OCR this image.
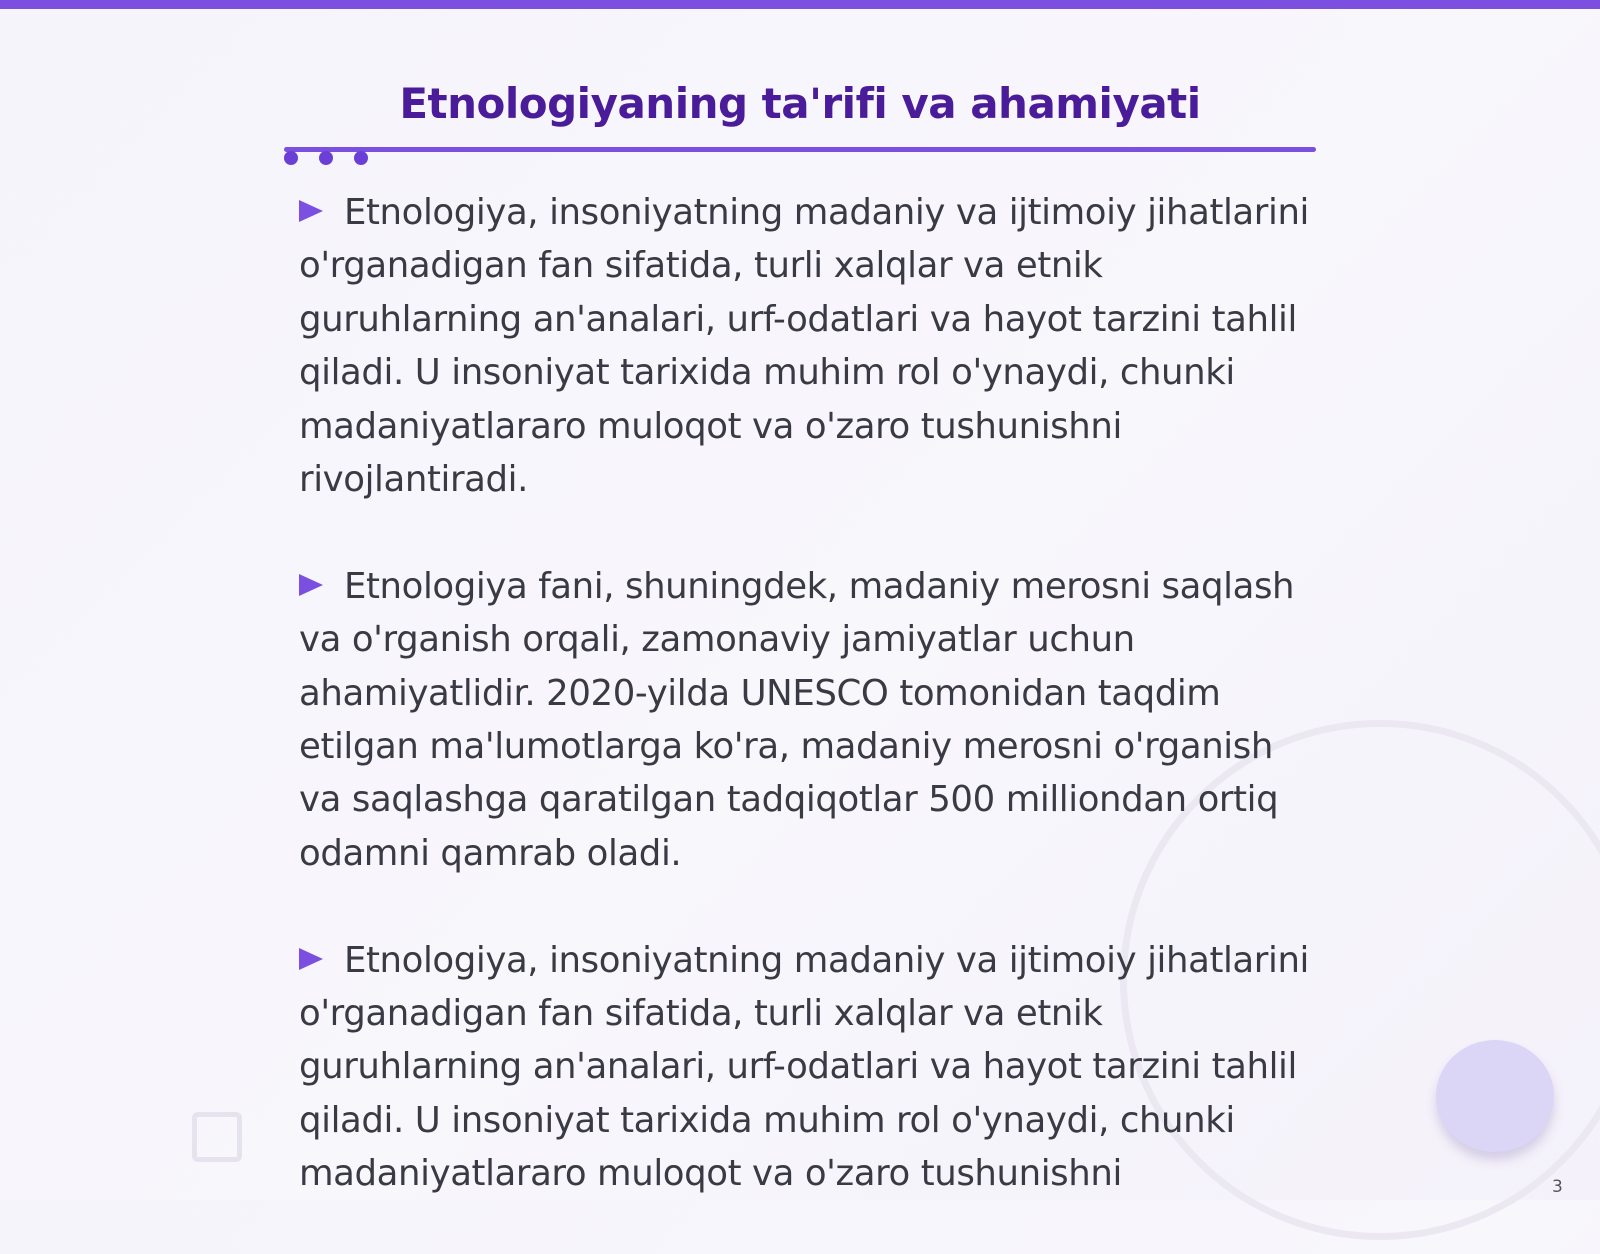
Etnologiyaning ta'rifi va ahamiyati

Etnologiya, insoniyatning madaniy va ijtimoiy jihatlarini o'rganadigan fan sifatida, turli xalqlar va etnik guruhlarning an'analari, urf-odatlari va hayot tarzini tahlil qiladi. U insoniyat tarixida muhim rol o'ynaydi, chunki madaniyatlararo muloqot va o'zaro tushunishni rivojlantiradi.

Etnologiya fani, shuningdek, madaniy merosni saqlash va o'rganish orqali, zamonaviy jamiyatlar uchun ahamiyatlidir. 2020-yilda UNESCO tomonidan taqdim etilgan ma'lumotlarga ko'ra, madaniy merosni o'rganish va saqlashga qaratilgan tadqiqotlar 500 milliondan ortiq odamni qamrab oladi.

Etnologiya, insoniyatning madaniy va ijtimoiy jihatlarini o'rganadigan fan sifatida, turli xalqlar va etnik guruhlarning an'analari, urf-odatlari va hayot tarzini tahlil qiladi. U insoniyat tarixida muhim rol o'ynaydi, chunki madaniyatlararo muloqot va o'zaro tushunishni	3
